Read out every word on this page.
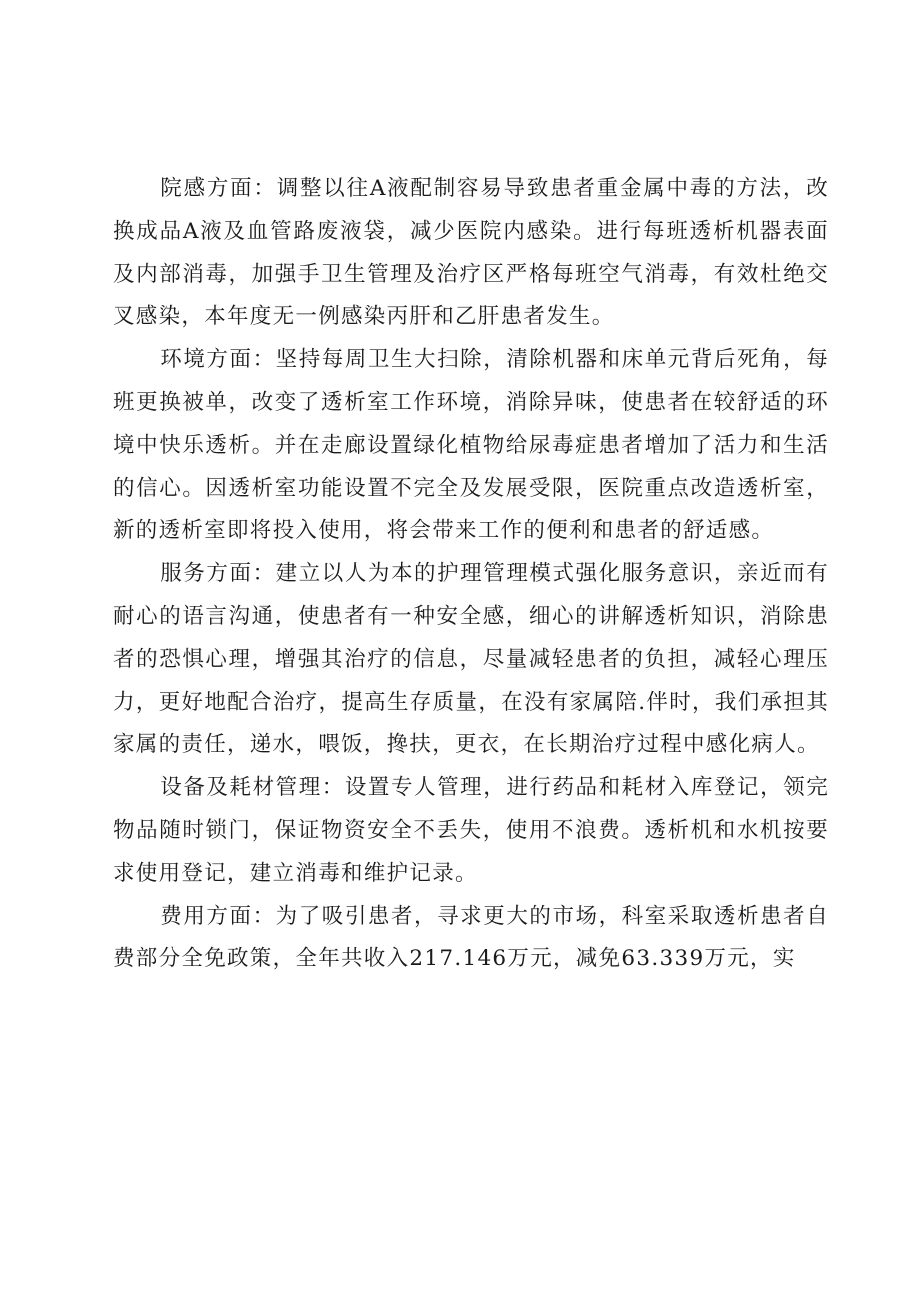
院感方面：调整以往A液配制容易导致患者重金属中毒的方法，改换成品A液及血管路废液袋，减少医院内感染。进行每班透析机器表面及内部消毒，加强手卫生管理及治疗区严格每班空气消毒，有效杜绝交叉感染，本年度无一例感染丙肝和乙肝患者发生。

环境方面：坚持每周卫生大扫除，清除机器和床单元背后死角，每班更换被单，改变了透析室工作环境，消除异味，使患者在较舒适的环境中快乐透析。并在走廊设置绿化植物给尿毒症患者增加了活力和生活的信心。因透析室功能设置不完全及发展受限，医院重点改造透析室，新的透析室即将投入使用，将会带来工作的便利和患者的舒适感。

服务方面：建立以人为本的护理管理模式强化服务意识，亲近而有耐心的语言沟通，使患者有一种安全感，细心的讲解透析知识，消除患者的恐惧心理，增强其治疗的信息，尽量减轻患者的负担，减轻心理压力，更好地配合治疗，提高生存质量，在没有家属陪.伴时，我们承担其家属的责任，递水，喂饭，搀扶，更衣，在长期治疗过程中感化病人。

设备及耗材管理：设置专人管理，进行药品和耗材入库登记，领完物品随时锁门，保证物资安全不丢失，使用不浪费。透析机和水机按要求使用登记，建立消毒和维护记录。

费用方面：为了吸引患者，寻求更大的市场，科室采取透析患者自费部分全免政策，全年共收入217.146万元，减免63.339万元，实
